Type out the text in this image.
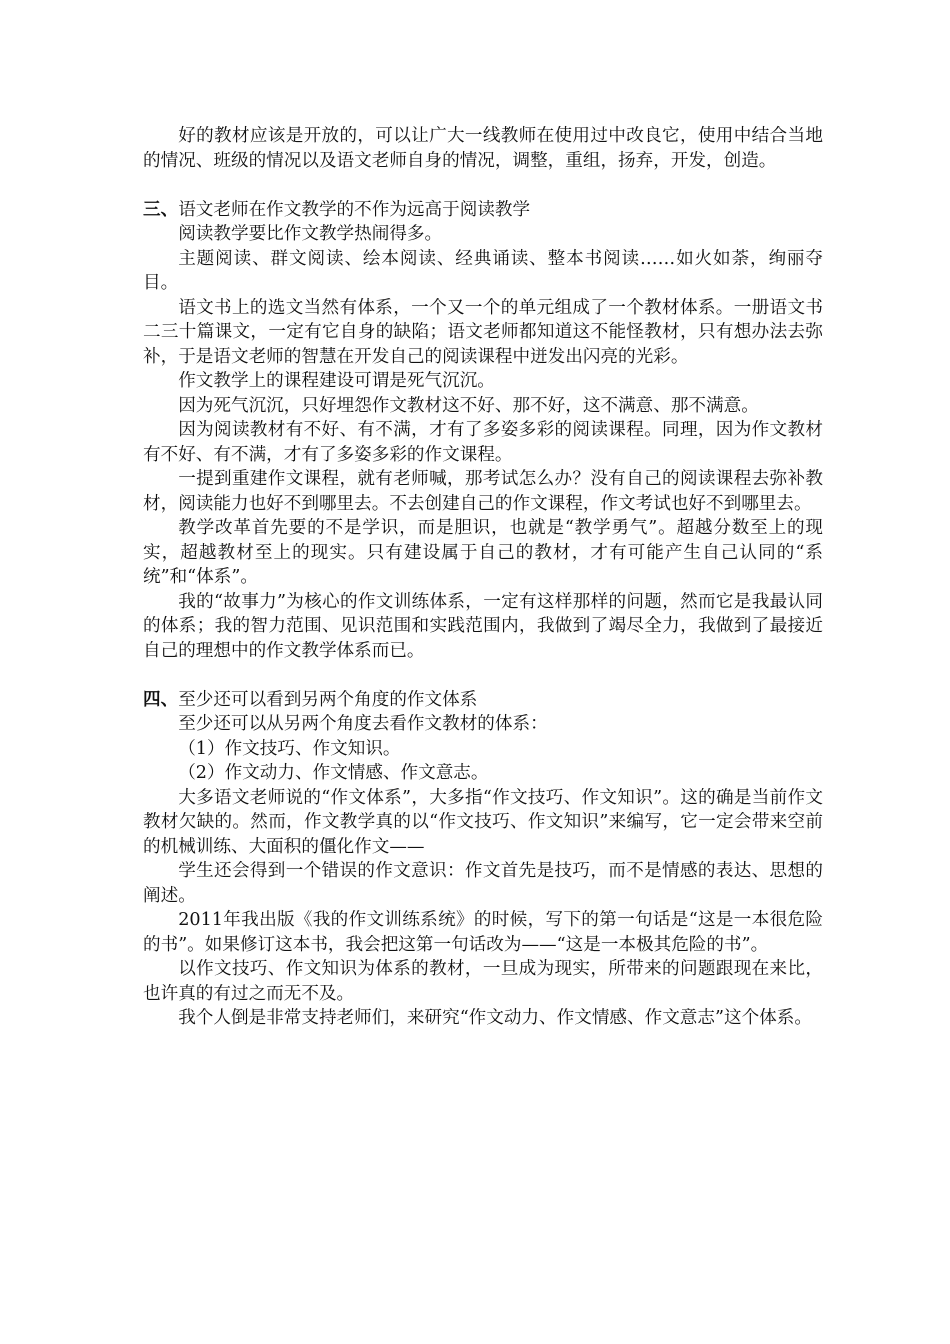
好的教材应该是开放的，可以让广大一线教师在使用过中改良它，使用中结合当地的情况、班级的情况以及语文老师自身的情况，调整，重组，扬弃，开发，创造。

三、语文老师在作文教学的不作为远高于阅读教学

阅读教学要比作文教学热闹得多。

主题阅读、群文阅读、绘本阅读、经典诵读、整本书阅读……如火如荼，绚丽夺目。

语文书上的选文当然有体系，一个又一个的单元组成了一个教材体系。一册语文书二三十篇课文，一定有它自身的缺陷；语文老师都知道这不能怪教材，只有想办法去弥补，于是语文老师的智慧在开发自己的阅读课程中迸发出闪亮的光彩。

作文教学上的课程建设可谓是死气沉沉。

因为死气沉沉，只好埋怨作文教材这不好、那不好，这不满意、那不满意。

因为阅读教材有不好、有不满，才有了多姿多彩的阅读课程。同理，因为作文教材有不好、有不满，才有了多姿多彩的作文课程。

一提到重建作文课程，就有老师喊，那考试怎么办？没有自己的阅读课程去弥补教材，阅读能力也好不到哪里去。不去创建自己的作文课程，作文考试也好不到哪里去。

教学改革首先要的不是学识，而是胆识，也就是“教学勇气”。超越分数至上的现实，超越教材至上的现实。只有建设属于自己的教材，才有可能产生自己认同的“系统”和“体系”。

我的“故事力”为核心的作文训练体系，一定有这样那样的问题，然而它是我最认同的体系；我的智力范围、见识范围和实践范围内，我做到了竭尽全力，我做到了最接近自己的理想中的作文教学体系而已。

四、至少还可以看到另两个角度的作文体系

至少还可以从另两个角度去看作文教材的体系：

（1）作文技巧、作文知识。

（2）作文动力、作文情感、作文意志。

大多语文老师说的“作文体系”，大多指“作文技巧、作文知识”。这的确是当前作文教材欠缺的。然而，作文教学真的以“作文技巧、作文知识”来编写，它一定会带来空前的机械训练、大面积的僵化作文——

学生还会得到一个错误的作文意识：作文首先是技巧，而不是情感的表达、思想的阐述。

2011年我出版《我的作文训练系统》的时候，写下的第一句话是“这是一本很危险的书”。如果修订这本书，我会把这第一句话改为——“这是一本极其危险的书”。

以作文技巧、作文知识为体系的教材，一旦成为现实，所带来的问题跟现在来比，也许真的有过之而无不及。

我个人倒是非常支持老师们，来研究“作文动力、作文情感、作文意志”这个体系。
